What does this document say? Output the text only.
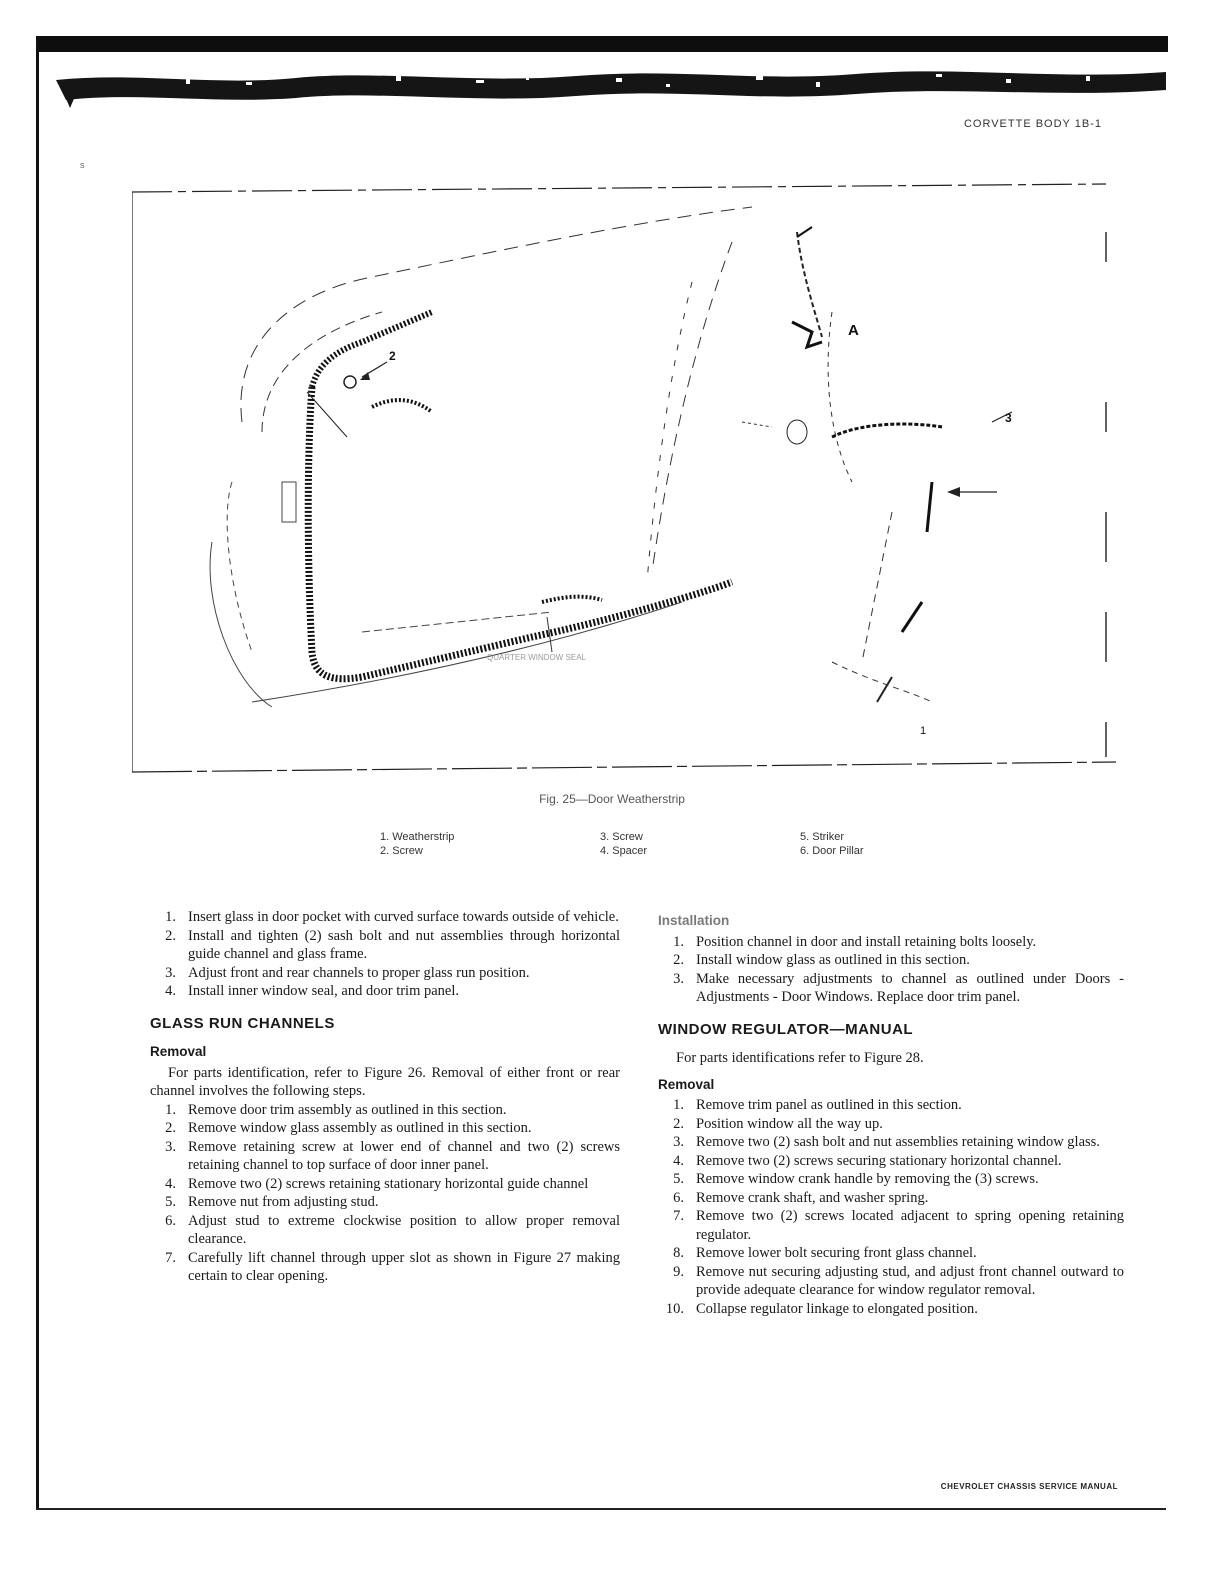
CORVETTE BODY 1B-1
s
A
2
3
1
QUARTER WINDOW SEAL
Fig. 25—Door Weatherstrip
1. Weatherstrip
2. Screw
3. Screw
4. Spacer
5. Striker
6. Door Pillar
1. Insert glass in door pocket with curved surface towards outside of vehicle.
2. Install and tighten (2) sash bolt and nut assemblies through horizontal guide channel and glass frame.
3. Adjust front and rear channels to proper glass run position.
4. Install inner window seal, and door trim panel.
GLASS RUN CHANNELS
Removal
For parts identification, refer to Figure 26. Removal of either front or rear channel involves the following steps.
1. Remove door trim assembly as outlined in this section.
2. Remove window glass assembly as outlined in this section.
3. Remove retaining screw at lower end of channel and two (2) screws retaining channel to top surface of door inner panel.
4. Remove two (2) screws retaining stationary horizontal guide channel
5. Remove nut from adjusting stud.
6. Adjust stud to extreme clockwise position to allow proper removal clearance.
7. Carefully lift channel through upper slot as shown in Figure 27 making certain to clear opening.
Installation
1. Position channel in door and install retaining bolts loosely.
2. Install window glass as outlined in this section.
3. Make necessary adjustments to channel as outlined under Doors - Adjustments - Door Windows. Replace door trim panel.
WINDOW REGULATOR—MANUAL
For parts identifications refer to Figure 28.
Removal
1. Remove trim panel as outlined in this section.
2. Position window all the way up.
3. Remove two (2) sash bolt and nut assemblies retaining window glass.
4. Remove two (2) screws securing stationary horizontal channel.
5. Remove window crank handle by removing the (3) screws.
6. Remove crank shaft, and washer spring.
7. Remove two (2) screws located adjacent to spring opening retaining regulator.
8. Remove lower bolt securing front glass channel.
9. Remove nut securing adjusting stud, and adjust front channel outward to provide adequate clearance for window regulator removal.
10. Collapse regulator linkage to elongated position.
CHEVROLET CHASSIS SERVICE MANUAL
